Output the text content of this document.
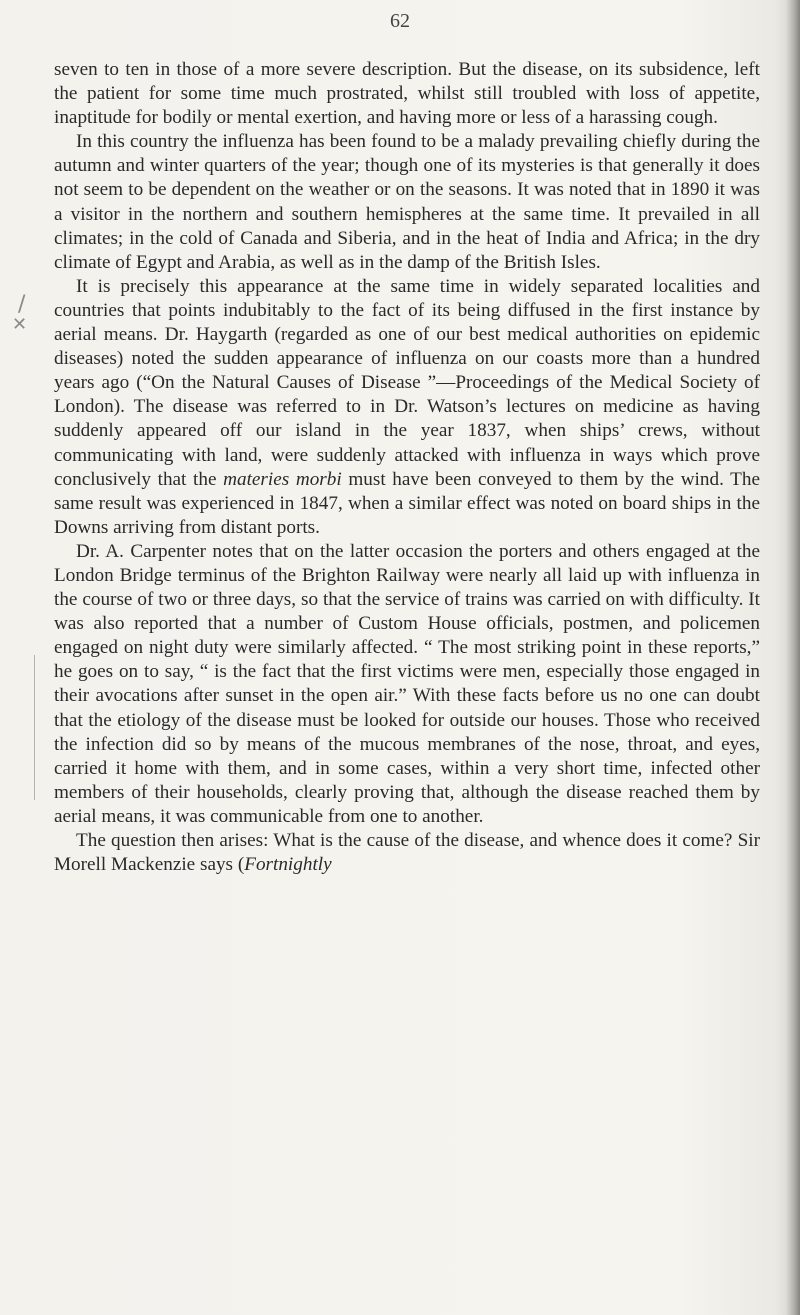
62

seven to ten in those of a more severe description. But the disease, on its subsidence, left the patient for some time much prostrated, whilst still troubled with loss of appetite, inaptitude for bodily or mental exertion, and having more or less of a harassing cough.

In this country the influenza has been found to be a malady prevailing chiefly during the autumn and winter quarters of the year; though one of its mysteries is that generally it does not seem to be dependent on the weather or on the seasons. It was noted that in 1890 it was a visitor in the northern and southern hemispheres at the same time. It prevailed in all climates; in the cold of Canada and Siberia, and in the heat of India and Africa; in the dry climate of Egypt and Arabia, as well as in the damp of the British Isles.

It is precisely this appearance at the same time in widely separated localities and countries that points indubitably to the fact of its being diffused in the first instance by aerial means. Dr. Haygarth (regarded as one of our best medical authorities on epidemic diseases) noted the sudden appearance of influenza on our coasts more than a hundred years ago (“On the Natural Causes of Disease ”—Proceedings of the Medical Society of London). The disease was referred to in Dr. Watson’s lectures on medicine as having suddenly appeared off our island in the year 1837, when ships’ crews, without communicating with land, were suddenly attacked with influenza in ways which prove conclusively that the materies morbi must have been conveyed to them by the wind. The same result was experienced in 1847, when a similar effect was noted on board ships in the Downs arriving from distant ports.

Dr. A. Carpenter notes that on the latter occasion the porters and others engaged at the London Bridge terminus of the Brighton Railway were nearly all laid up with influenza in the course of two or three days, so that the service of trains was carried on with difficulty. It was also reported that a number of Custom House officials, postmen, and policemen engaged on night duty were similarly affected. “ The most striking point in these reports,” he goes on to say, “ is the fact that the first victims were men, especially those engaged in their avocations after sunset in the open air.” With these facts before us no one can doubt that the etiology of the disease must be looked for outside our houses. Those who received the infection did so by means of the mucous membranes of the nose, throat, and eyes, carried it home with them, and in some cases, within a very short time, infected other members of their households, clearly proving that, although the disease reached them by aerial means, it was communicable from one to another.

The question then arises: What is the cause of the disease, and whence does it come? Sir Morell Mackenzie says (Fortnightly

/
✕
